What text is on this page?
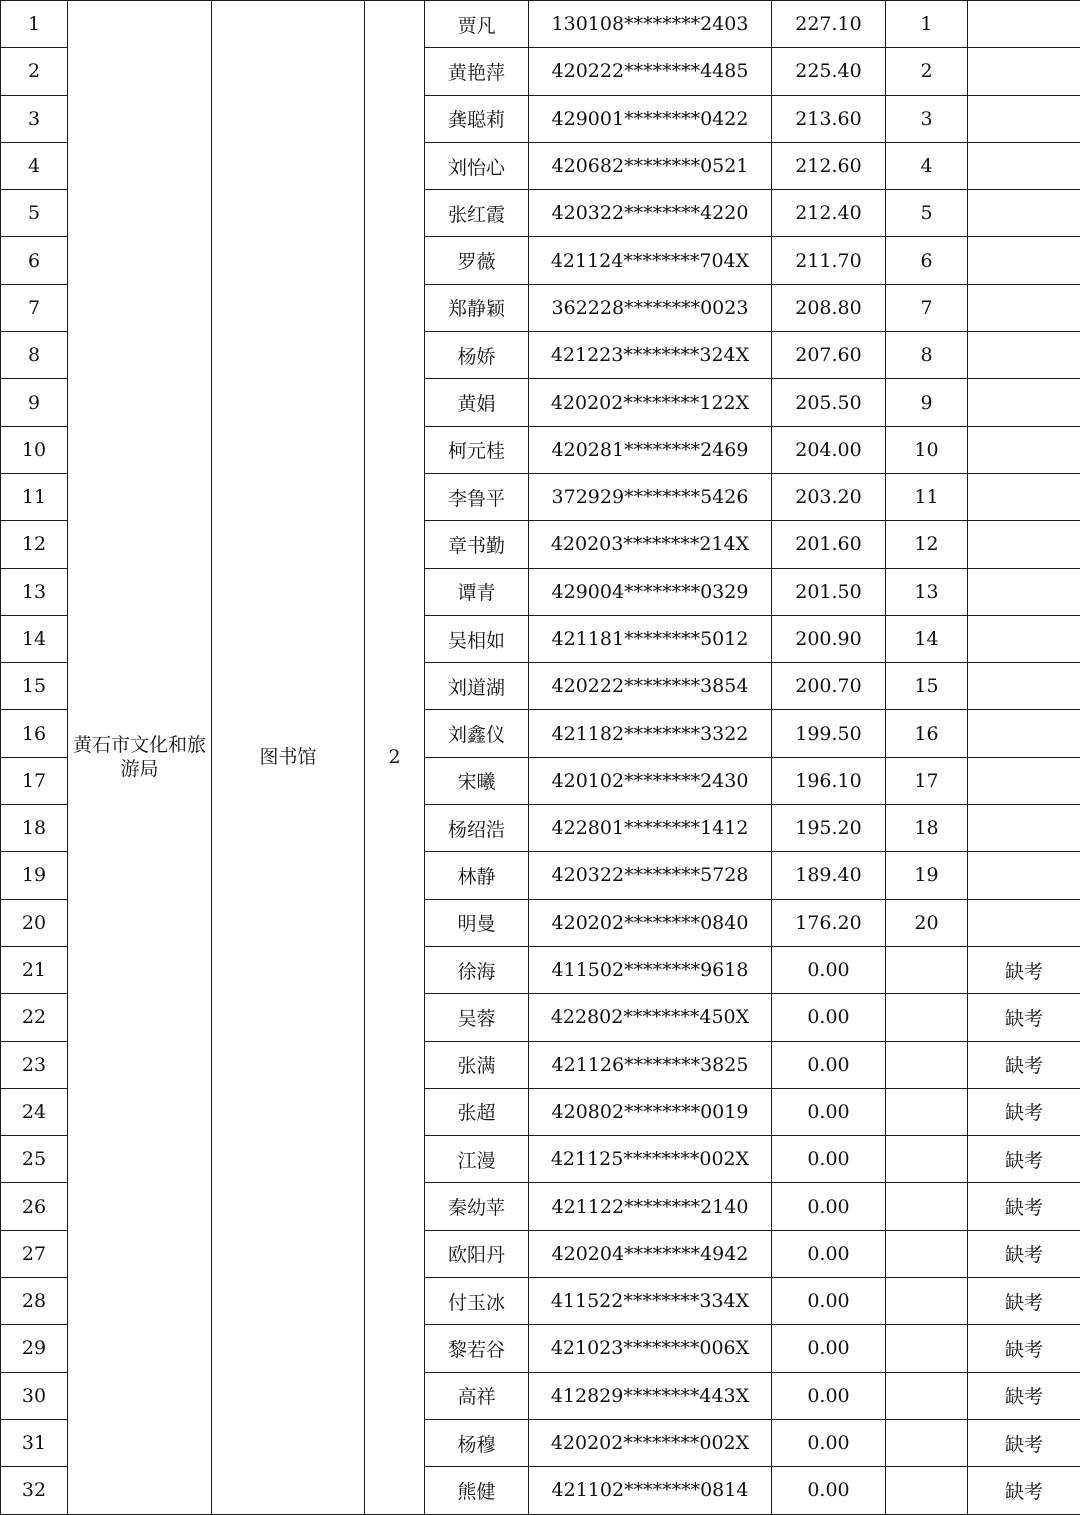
1	黄石市文化和旅游局	图书馆	2	贾凡	130108********2403	227.10	1	
2				黄艳萍	420222********4485	225.40	2	
3				龚聪莉	429001********0422	213.60	3	
4				刘怡心	420682********0521	212.60	4	
5				张红霞	420322********4220	212.40	5	
6				罗薇	421124********704X	211.70	6	
7				郑静颖	362228********0023	208.80	7	
8				杨娇	421223********324X	207.60	8	
9				黄娟	420202********122X	205.50	9	
10				柯元桂	420281********2469	204.00	10	
11				李鲁平	372929********5426	203.20	11	
12				章书勤	420203********214X	201.60	12	
13				谭青	429004********0329	201.50	13	
14				吴相如	421181********5012	200.90	14	
15				刘道湖	420222********3854	200.70	15	
16				刘鑫仪	421182********3322	199.50	16	
17				宋曦	420102********2430	196.10	17	
18				杨绍浩	422801********1412	195.20	18	
19				林静	420322********5728	189.40	19	
20				明曼	420202********0840	176.20	20	
21				徐海	411502********9618	0.00		缺考
22				吴蓉	422802********450X	0.00		缺考
23				张满	421126********3825	0.00		缺考
24				张超	420802********0019	0.00		缺考
25				江漫	421125********002X	0.00		缺考
26				秦幼苹	421122********2140	0.00		缺考
27				欧阳丹	420204********4942	0.00		缺考
28				付玉冰	411522********334X	0.00		缺考
29				黎若谷	421023********006X	0.00		缺考
30				高祥	412829********443X	0.00		缺考
31				杨穆	420202********002X	0.00		缺考
32				熊健	421102********0814	0.00		缺考
